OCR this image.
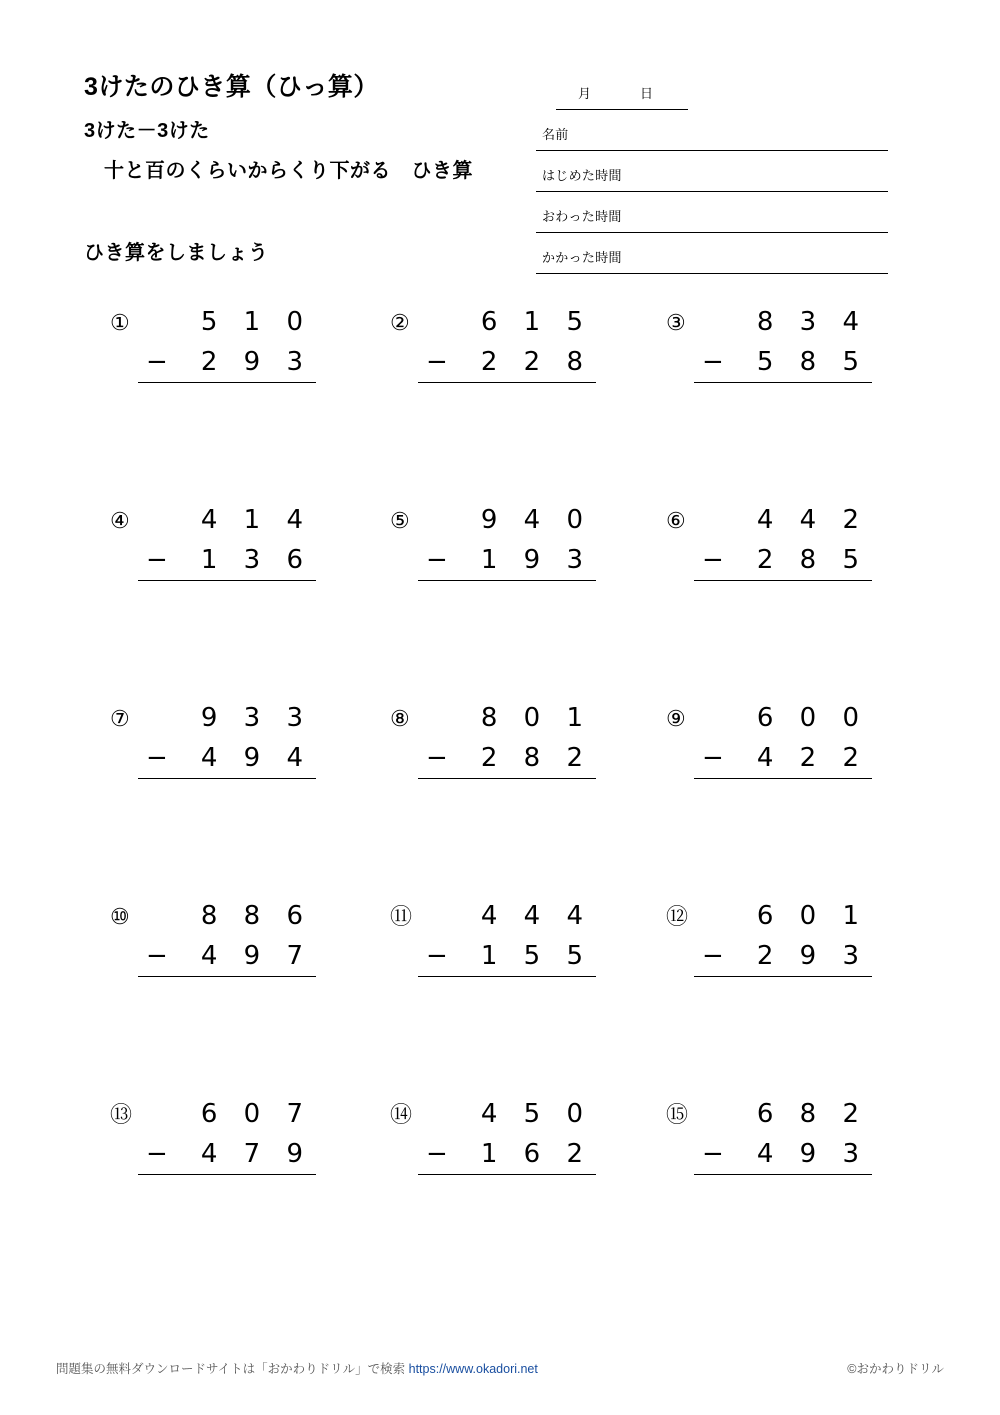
3けたのひき算（ひっ算）
3けた－3けた
十と百のくらいからくり下がる　ひき算
ひき算をしましょう
月	日
名前
はじめた時間
おわった時間
かかった時間
①	5 1 0
− 2 9 3
②	6 1 5
− 2 2 8
③	8 3 4
− 5 8 5
④	4 1 4
− 1 3 6
⑤	9 4 0
− 1 9 3
⑥	4 4 2
− 2 8 5
⑦	9 3 3
− 4 9 4
⑧	8 0 1
− 2 8 2
⑨	6 0 0
− 4 2 2
⑩	8 8 6
− 4 9 7
⑪	4 4 4
− 1 5 5
⑫	6 0 1
− 2 9 3
⑬	6 0 7
− 4 7 9
⑭	4 5 0
− 1 6 2
⑮	6 8 2
− 4 9 3
問題集の無料ダウンロードサイトは「おかわりドリル」で検索 https://www.okadori.net	©おかわりドリル
